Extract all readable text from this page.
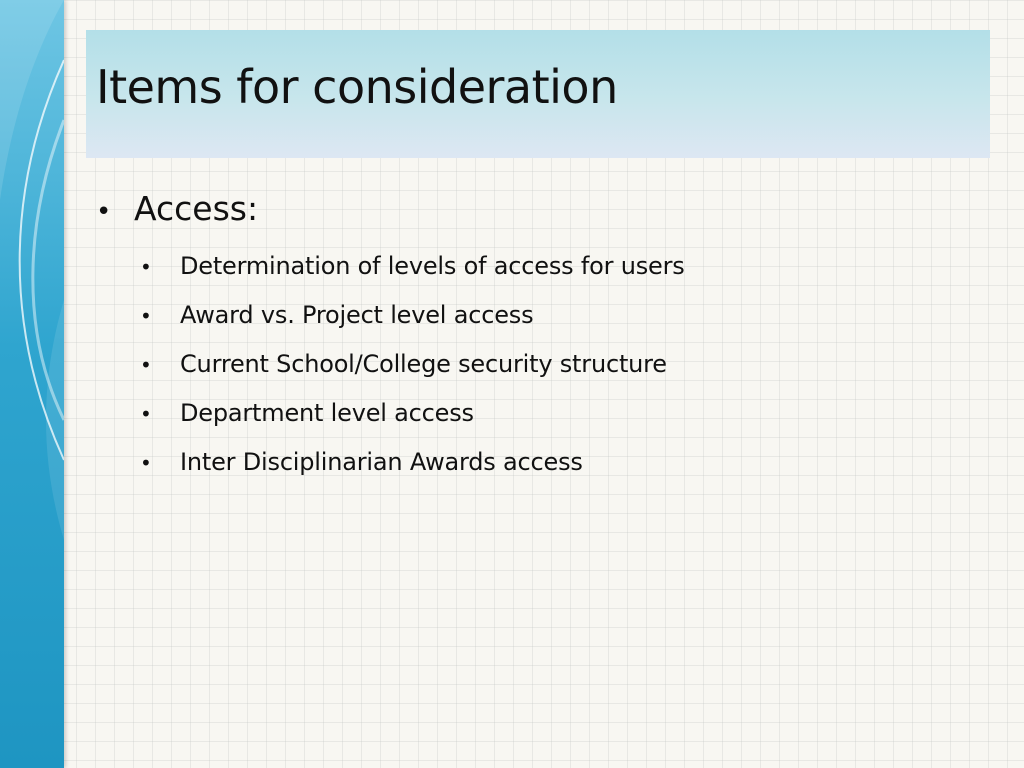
Items for consideration
• Access:
•	Determination of levels of access for users
•	Award vs. Project level access
•	Current School/College security structure
•	Department level access
•	Inter Disciplinarian Awards access
